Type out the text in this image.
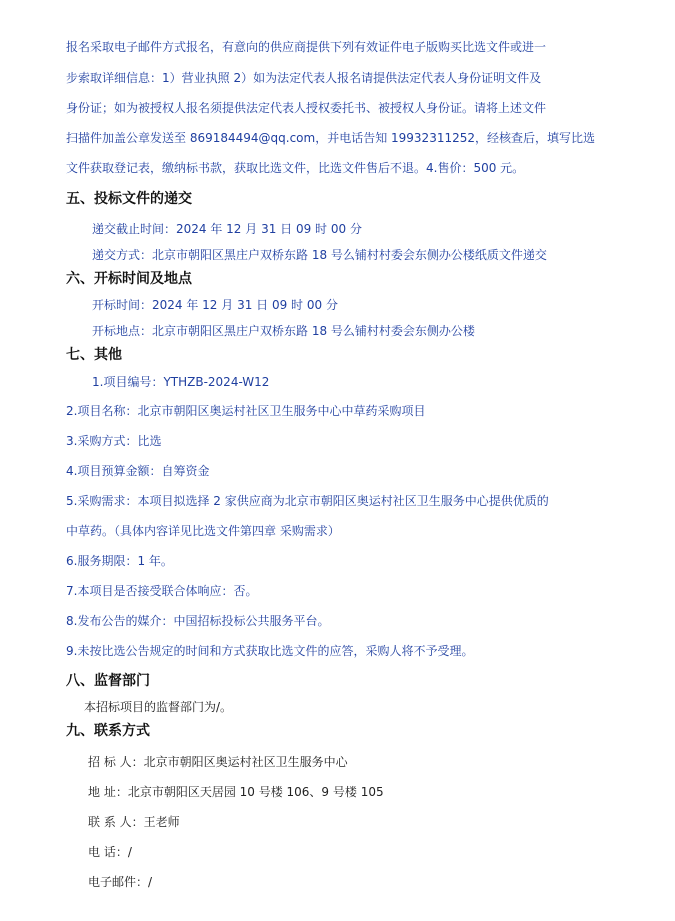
报名采取电子邮件方式报名，有意向的供应商提供下列有效证件电子版购买比选文件或进一
步索取详细信息：1）营业执照 2）如为法定代表人报名请提供法定代表人身份证明文件及
身份证；如为被授权人报名须提供法定代表人授权委托书、被授权人身份证。请将上述文件
扫描件加盖公章发送至 869184494@qq.com，并电话告知 19932311252，经核查后，填写比选
文件获取登记表，缴纳标书款，获取比选文件，比选文件售后不退。4.售价：500 元。
五、投标文件的递交
递交截止时间：2024 年 12 月 31 日 09 时 00 分
递交方式：北京市朝阳区黑庄户双桥东路 18 号么铺村村委会东侧办公楼纸质文件递交
六、开标时间及地点
开标时间：2024 年 12 月 31 日 09 时 00 分
开标地点：北京市朝阳区黑庄户双桥东路 18 号么铺村村委会东侧办公楼
七、其他
1.项目编号：YTHZB-2024-W12
2.项目名称：北京市朝阳区奥运村社区卫生服务中心中草药采购项目
3.采购方式：比选
4.项目预算金额：自筹资金
5.采购需求：本项目拟选择 2 家供应商为北京市朝阳区奥运村社区卫生服务中心提供优质的
中草药。（具体内容详见比选文件第四章 采购需求）
6.服务期限：1 年。
7.本项目是否接受联合体响应：否。
8.发布公告的媒介：中国招标投标公共服务平台。
9.未按比选公告规定的时间和方式获取比选文件的应答，采购人将不予受理。
八、监督部门
本招标项目的监督部门为/。
九、联系方式
招 标 人：北京市朝阳区奥运村社区卫生服务中心
地 址：北京市朝阳区天居园 10 号楼 106、9 号楼 105
联 系 人：王老师
电 话：/
电子邮件：/
